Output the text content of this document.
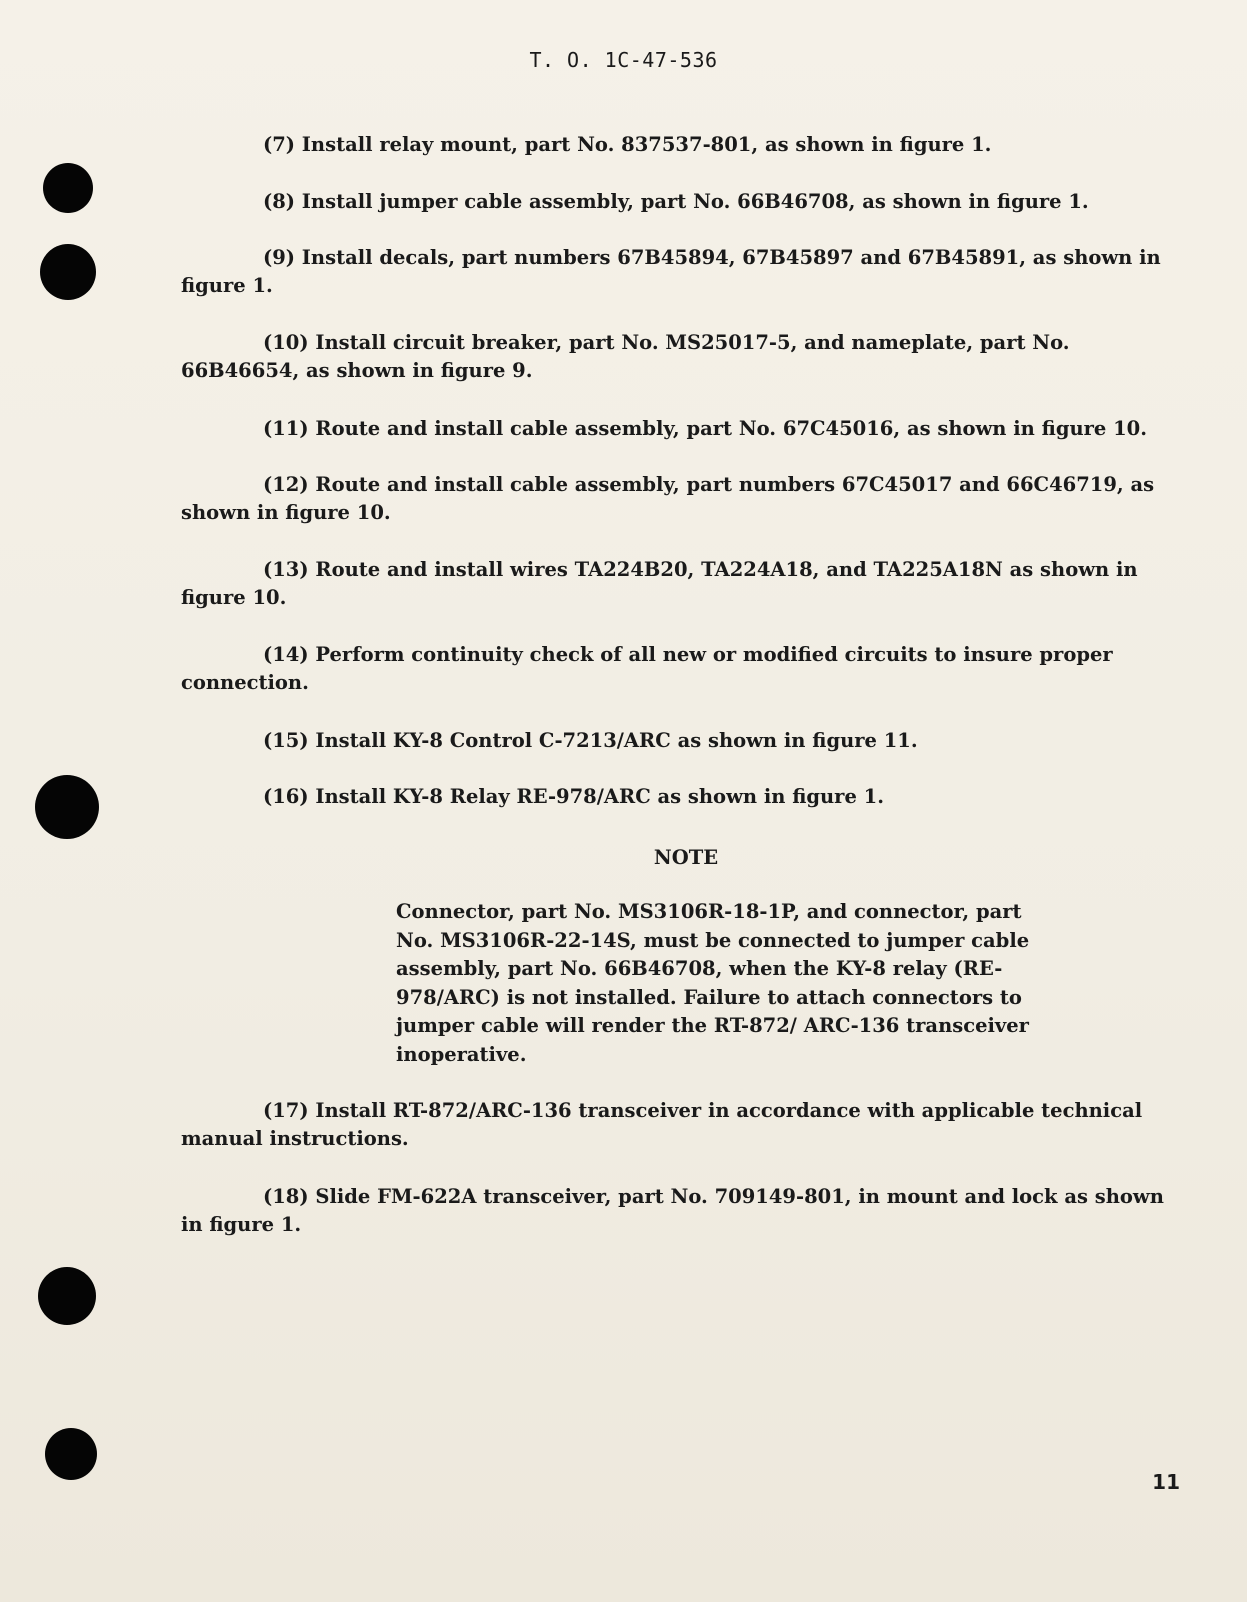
T. O. 1C-47-536
(7) Install relay mount, part No. 837537-801, as shown in figure 1.
(8) Install jumper cable assembly, part No. 66B46708, as shown in figure 1.
(9) Install decals, part numbers 67B45894, 67B45897 and 67B45891, as shown in figure 1.
(10) Install circuit breaker, part No. MS25017-5, and nameplate, part No. 66B46654, as shown in figure 9.
(11) Route and install cable assembly, part No. 67C45016, as shown in figure 10.
(12) Route and install cable assembly, part numbers 67C45017 and 66C46719, as shown in figure 10.
(13) Route and install wires TA224B20, TA224A18, and TA225A18N as shown in figure 10.
(14) Perform continuity check of all new or modified circuits to insure proper connection.
(15) Install KY-8 Control C-7213/ARC as shown in figure 11.
(16) Install KY-8 Relay RE-978/ARC as shown in figure 1.
NOTE
Connector, part No. MS3106R-18-1P, and connector, part No. MS3106R-22-14S, must be connected to jumper cable assembly, part No. 66B46708, when the KY-8 relay (RE-978/ARC) is not installed. Failure to attach connectors to jumper cable will render the RT-872/ ARC-136 transceiver inoperative.
(17) Install RT-872/ARC-136 transceiver in accordance with applicable technical manual instructions.
(18) Slide FM-622A transceiver, part No. 709149-801, in mount and lock as shown in figure 1.
11
